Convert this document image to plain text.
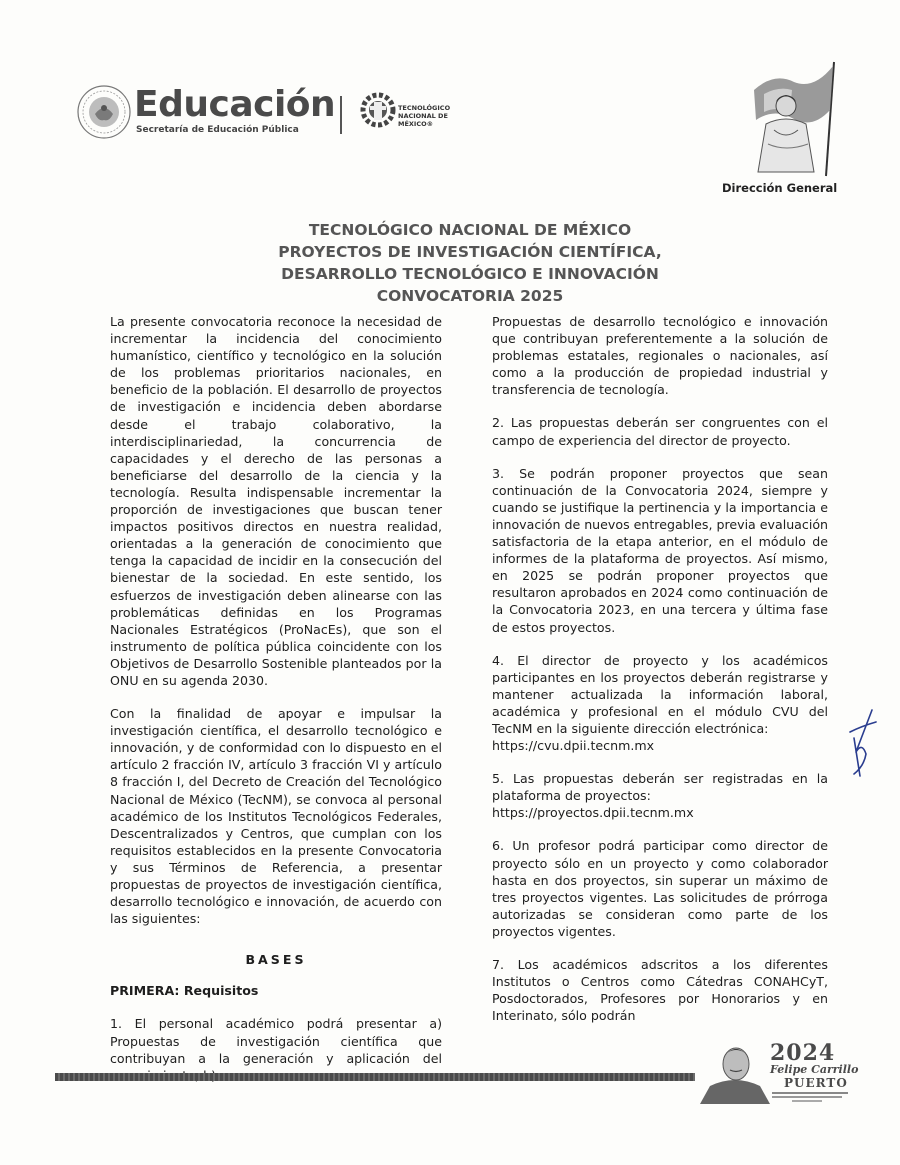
Educación
Secretaría de Educación Pública
TECNOLÓGICO
NACIONAL DE MÉXICO®
Dirección General
TECNOLÓGICO NACIONAL DE MÉXICO
PROYECTOS DE INVESTIGACIÓN CIENTÍFICA,
DESARROLLO TECNOLÓGICO E INNOVACIÓN
CONVOCATORIA 2025

La presente convocatoria reconoce la necesidad de incrementar la incidencia del conocimiento humanístico, científico y tecnológico en la solución de los problemas prioritarios nacionales, en beneficio de la población. El desarrollo de proyectos de investigación e incidencia deben abordarse desde el trabajo colaborativo, la interdisciplinariedad, la concurrencia de capacidades y el derecho de las personas a beneficiarse del desarrollo de la ciencia y la tecnología. Resulta indispensable incrementar la proporción de investigaciones que buscan tener impactos positivos directos en nuestra realidad, orientadas a la generación de conocimiento que tenga la capacidad de incidir en la consecución del bienestar de la sociedad. En este sentido, los esfuerzos de investigación deben alinearse con las problemáticas definidas en los Programas Nacionales Estratégicos (ProNacEs), que son el instrumento de política pública coincidente con los Objetivos de Desarrollo Sostenible planteados por la ONU en su agenda 2030.

Con la finalidad de apoyar e impulsar la investigación científica, el desarrollo tecnológico e innovación, y de conformidad con lo dispuesto en el artículo 2 fracción IV, artículo 3 fracción VI y artículo 8 fracción I, del Decreto de Creación del Tecnológico Nacional de México (TecNM), se convoca al personal académico de los Institutos Tecnológicos Federales, Descentralizados y Centros, que cumplan con los requisitos establecidos en la presente Convocatoria y sus Términos de Referencia, a presentar propuestas de proyectos de investigación científica, desarrollo tecnológico e innovación, de acuerdo con las siguientes:

BASES

PRIMERA: Requisitos

1. El personal académico podrá presentar a) Propuestas de investigación científica que contribuyan a la generación y aplicación del

Propuestas de desarrollo tecnológico e innovación que contribuyan preferentemente a la solución de problemas estatales, regionales o nacionales, así como a la producción de propiedad industrial y transferencia de tecnología.

2. Las propuestas deberán ser congruentes con el campo de experiencia del director de proyecto.

3. Se podrán proponer proyectos que sean continuación de la Convocatoria 2024, siempre y cuando se justifique la pertinencia y la importancia e innovación de nuevos entregables, previa evaluación satisfactoria de la etapa anterior, en el módulo de informes de la plataforma de proyectos. Así mismo, en 2025 se podrán proponer proyectos que resultaron aprobados en 2024 como continuación de la Convocatoria 2023, en una tercera y última fase de estos proyectos.

4. El director de proyecto y los académicos participantes en los proyectos deberán registrarse y mantener actualizada la información laboral, académica y profesional en el módulo CVU del TecNM en la siguiente dirección electrónica:
https://cvu.dpii.tecnm.mx

5. Las propuestas deberán ser registradas en la plataforma de proyectos:
https://proyectos.dpii.tecnm.mx

6. Un profesor podrá participar como director de proyecto sólo en un proyecto y como colaborador hasta en dos proyectos, sin superar un máximo de tres proyectos vigentes. Las solicitudes de prórroga autorizadas se consideran como parte de los proyectos vigentes.

7. Los académicos adscritos a los diferentes Institutos o Centros como Cátedras CONAHCyT, Posdoctorados, Profesores por Honorarios y en Interinato, sólo podrán

2024
Felipe Carrillo
PUERTO
